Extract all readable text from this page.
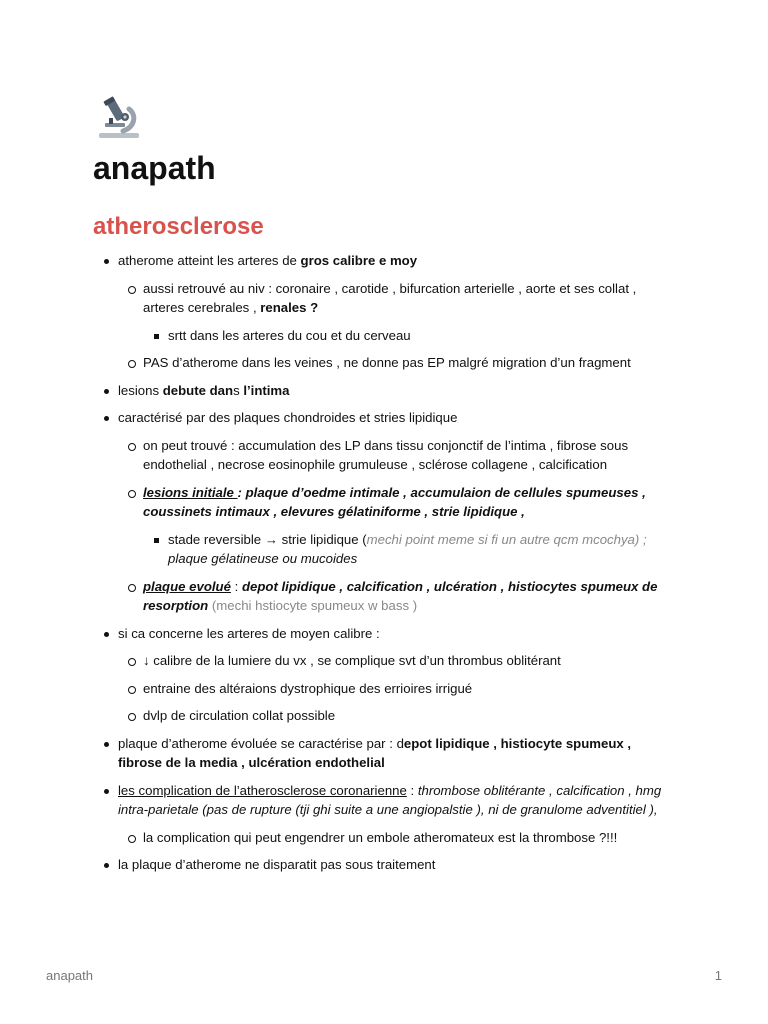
anapath
atherosclerose
atherome atteint les arteres de gros calibre e moy
aussi retrouvé au niv : coronaire , carotide , bifurcation arterielle , aorte et ses collat , arteres cerebrales , renales ?
srtt dans les arteres du cou et du cerveau
PAS d’atherome dans les veines , ne donne pas EP malgré migration d’un fragment
lesions debute dans l’intima
caractérisé par des plaques chondroides et stries lipidique
on peut trouvé : accumulation des LP dans tissu conjonctif de l’intima , fibrose sous endothelial , necrose eosinophile grumuleuse , sclérose collagene , calcification
lesions initiale : plaque d’oedme intimale , accumulaion de cellules spumeuses , coussinets intimaux , elevures gélatiniforme , strie lipidique ,
stade reversible → strie lipidique (mechi point meme si fi un autre qcm mcochya) ; plaque gélatineuse ou mucoides
plaque evolué : depot lipidique , calcification , ulcération , histiocytes spumeux de resorption (mechi hstiocyte spumeux w bass )
si ca concerne les arteres de moyen calibre :
↓ calibre de la lumiere du vx , se complique svt d’un thrombus oblitérant
entraine des altéraions dystrophique des errioires irrigué
dvlp de circulation collat possible
plaque d’atherome évoluée se caractérise par : depot lipidique , histiocyte spumeux , fibrose de la media , ulcération endothelial
les complication de l’atherosclerose coronarienne : thrombose oblitérante , calcification , hmg intra-parietale (pas de rupture (tji ghi suite a une angiopalstie ), ni de granulome adventitiel ),
la complication qui peut engendrer un embole atheromateux est la thrombose ?!!!
la plaque d’atherome ne disparatit pas sous traitement
anapath	1
